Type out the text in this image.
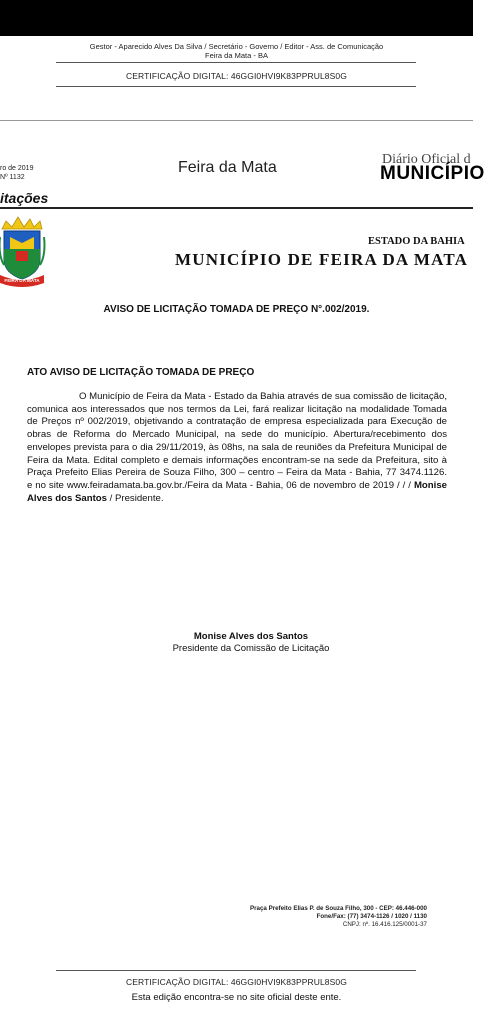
Gestor - Aparecido Alves Da Silva / Secretário - Governo / Editor - Ass. de Comunicação
Feira da Mata - BA
CERTIFICAÇÃO DIGITAL: 46GGI0HVI9K83PPRUL8S0G
ro de 2019
Nº 1132
Feira da Mata	Diário Oficial d
MUNICÍPIO
itações
FEIRA DA MATA
ESTADO DA BAHIA
MUNICÍPIO DE FEIRA DA MATA
AVISO DE LICITAÇÃO TOMADA DE PREÇO N°.002/2019.
ATO AVISO DE LICITAÇÃO TOMADA DE PREÇO

O Município de Feira da Mata - Estado da Bahia através de sua comissão de licitação, comunica aos interessados que nos termos da Lei, fará realizar licitação na modalidade Tomada de Preços nº 002/2019, objetivando a contratação de empresa especializada para Execução de obras de Reforma do Mercado Municipal, na sede do município. Abertura/recebimento dos envelopes prevista para o dia 29/11/2019, às 08hs, na sala de reuniões da Prefeitura Municipal de Feira da Mata. Edital completo e demais informações encontram-se na sede da Prefeitura, sito à Praça Prefeito Elias Pereira de Souza Filho, 300 – centro – Feira da Mata - Bahia, 77 3474.1126. e no site www.feiradamata.ba.gov.br./Feira da Mata - Bahia, 06 de novembro de 2019 / / / Monise Alves dos Santos / Presidente.

Monise Alves dos Santos
Presidente da Comissão de Licitação
Praça Prefeito Elias P. de Souza Filho, 300 - CEP: 46.446-000
Fone/Fax: (77) 3474-1126 / 1020 / 1130
CNPJ: nº. 16.416.125/0001-37
CERTIFICAÇÃO DIGITAL: 46GGI0HVI9K83PPRUL8S0G
Esta edição encontra-se no site oficial deste ente.
